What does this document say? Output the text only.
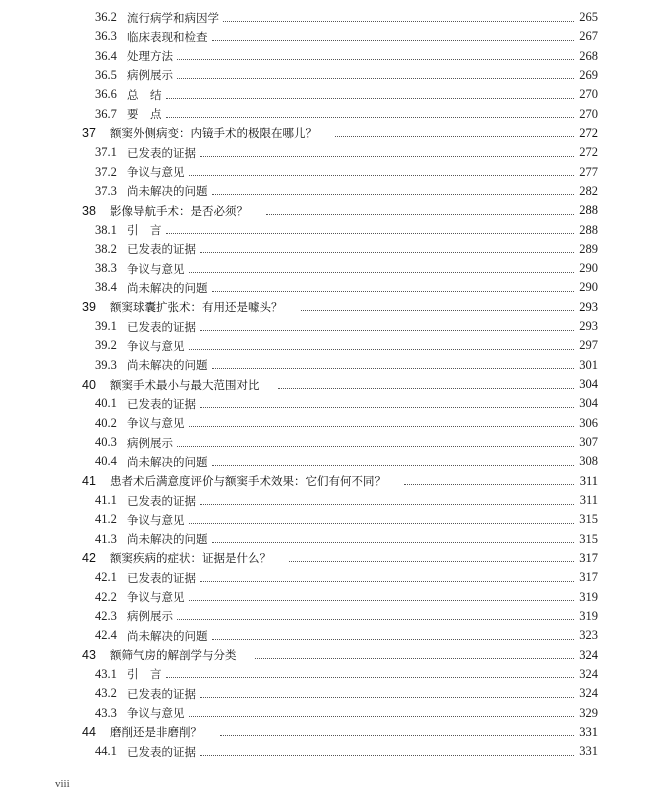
36.2 流行病学和病因学	265
36.3 临床表现和检查	267
36.4 处理方法	268
36.5 病例展示	269
36.6 总　结	270
36.7 要　点	270
37	额窦外侧病变：内镜手术的极限在哪儿？	272
37.1 已发表的证据	272
37.2 争议与意见	277
37.3 尚未解决的问题	282
38	影像导航手术：是否必须？	288
38.1 引　言	288
38.2 已发表的证据	289
38.3 争议与意见	290
38.4 尚未解决的问题	290
39	额窦球囊扩张术：有用还是噱头？	293
39.1 已发表的证据	293
39.2 争议与意见	297
39.3 尚未解决的问题	301
40	额窦手术最小与最大范围对比	304
40.1 已发表的证据	304
40.2 争议与意见	306
40.3 病例展示	307
40.4 尚未解决的问题	308
41	患者术后满意度评价与额窦手术效果：它们有何不同？	311
41.1 已发表的证据	311
41.2 争议与意见	315
41.3 尚未解决的问题	315
42	额窦疾病的症状：证据是什么？	317
42.1 已发表的证据	317
42.2 争议与意见	319
42.3 病例展示	319
42.4 尚未解决的问题	323
43	额筛气房的解剖学与分类	324
43.1 引　言	324
43.2 已发表的证据	324
43.3 争议与意见	329
44	磨削还是非磨削？	331
44.1 已发表的证据	331
viii
